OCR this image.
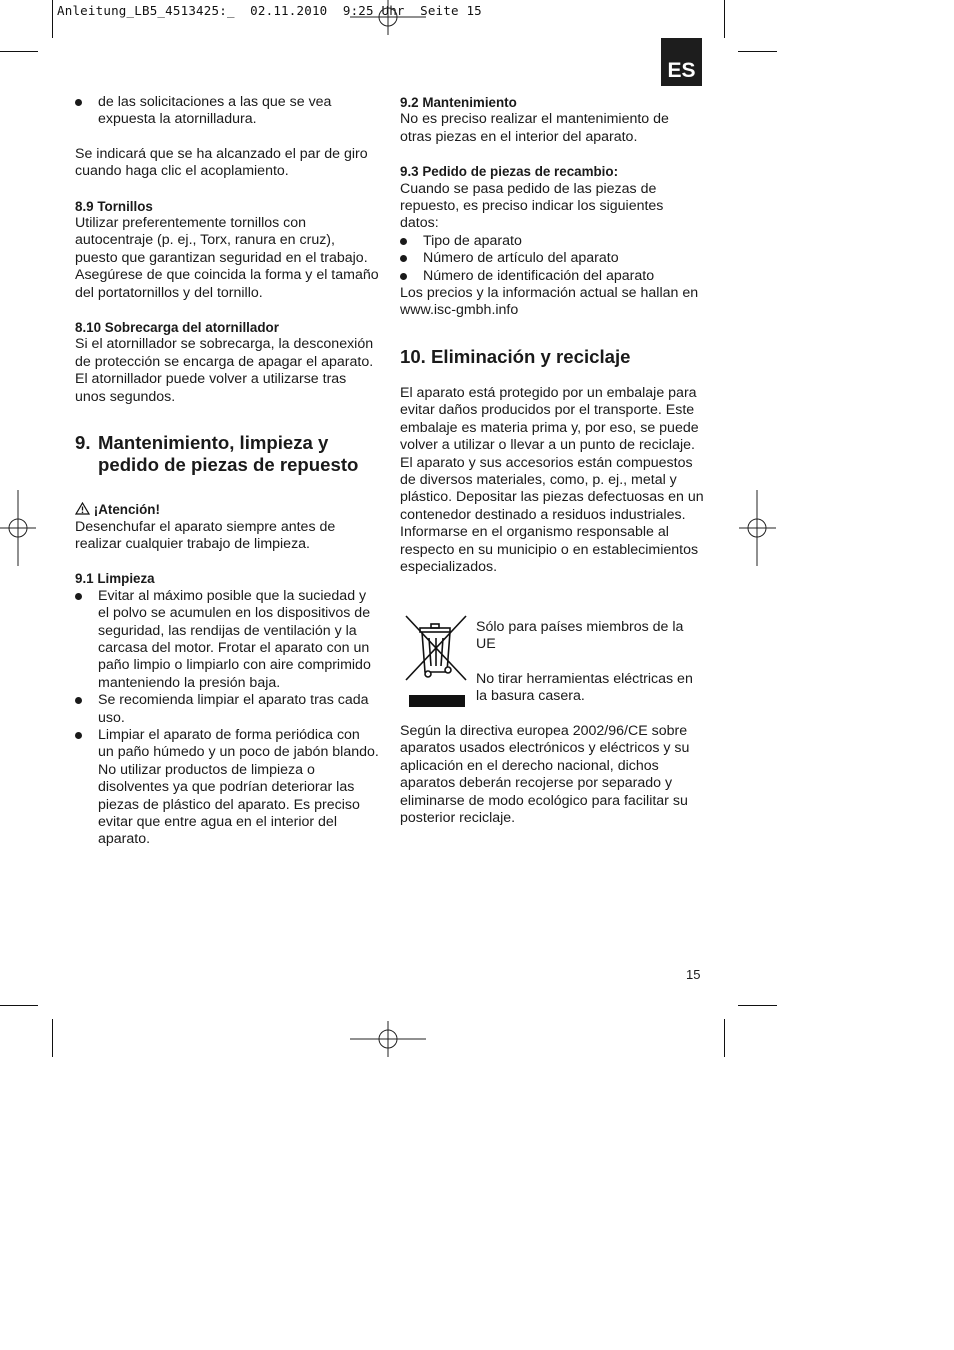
Anleitung_LB5_4513425:_  02.11.2010  9:25 Uhr  Seite 15
ES
de las solicitaciones a las que se vea expuesta la atornilladura.

Se indicará que se ha alcanzado el par de giro cuando haga clic el acoplamiento.

8.9 Tornillos

Utilizar preferentemente tornillos con autocentraje (p. ej., Torx, ranura en cruz), puesto que garantizan seguridad en el trabajo. Asegúrese de que coincida la forma y el tamaño del portatornillos y del tornillo.

8.10 Sobrecarga del atornillador

Si el atornillador se sobrecarga, la desconexión de protección se encarga de apagar el aparato. El atornillador puede volver a utilizarse tras unos segundos.

9. Mantenimiento, limpieza y pedido de piezas de repuesto

¡Atención!

Desenchufar el aparato siempre antes de realizar cualquier trabajo de limpieza.

9.1 Limpieza

Evitar al máximo posible que la suciedad y el polvo se acumulen en los dispositivos de seguridad, las rendijas de ventilación y la carcasa del motor. Frotar el aparato con un paño limpio o limpiarlo con aire comprimido manteniendo la presión baja.
Se recomienda limpiar el aparato tras cada uso.
Limpiar el aparato de forma periódica con un paño húmedo y un poco de jabón blando. No utilizar productos de limpieza o disolventes ya que podrían deteriorar las piezas de plástico del aparato. Es preciso evitar que entre agua en el interior del aparato.

9.2 Mantenimiento

No es preciso realizar el mantenimiento de otras piezas en el interior del aparato.

9.3 Pedido de piezas de recambio:

Cuando se pasa pedido de las piezas de repuesto, es preciso indicar los siguientes datos:

Tipo de aparato
Número de artículo del aparato
Número de identificación del aparato

Los precios y la información actual se hallan en www.isc-gmbh.info

10. Eliminación y reciclaje

El aparato está protegido por un embalaje para evitar daños producidos por el transporte. Este embalaje es materia prima y, por eso, se puede volver a utilizar o llevar a un punto de reciclaje. El aparato y sus accesorios están compuestos de diversos materiales, como, p. ej., metal y plástico. Depositar las piezas defectuosas en un contenedor destinado a residuos industriales. Informarse en el organismo responsable al respecto en su municipio o en establecimientos especializados.

Sólo para países miembros de la UE

No tirar herramientas eléctricas en la basura casera.

Según la directiva europea 2002/96/CE sobre aparatos usados electrónicos y eléctricos y su aplicación en el derecho nacional, dichos aparatos deberán recojerse por separado y eliminarse de modo ecológico para facilitar su posterior reciclaje.

15
